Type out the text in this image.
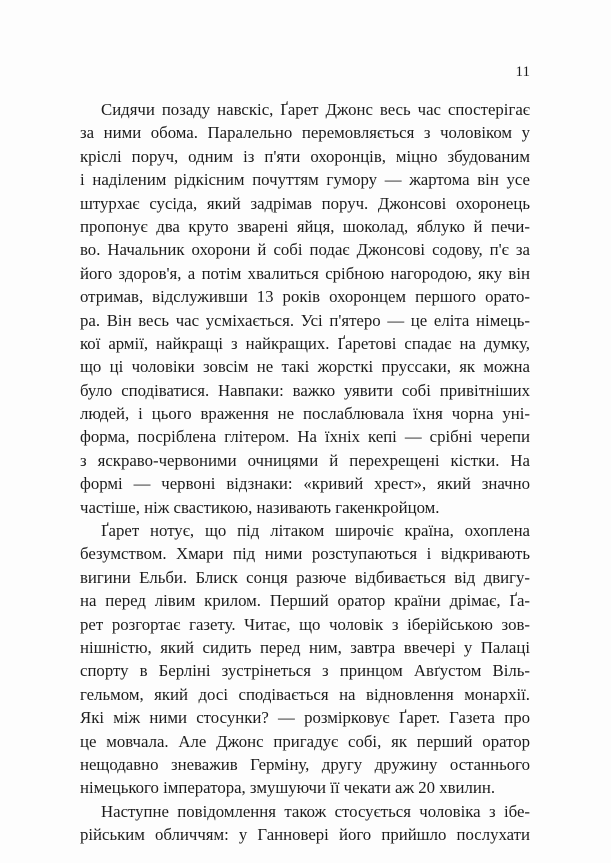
11
Сидячи позаду навскіс, Ґарет Джонс весь час спостерігає
за ними обома. Паралельно перемовляється з чоловіком у
кріслі поруч, одним із п'яти охоронців, міцно збудованим
і наділеним рідкісним почуттям гумору — жартома він усе
штурхає сусіда, який задрімав поруч. Джонсові охоронець
пропонує два круто зварені яйця, шоколад, яблуко й печи-
во. Начальник охорони й собі подає Джонсові содову, п'є за
його здоров'я, а потім хвалиться срібною нагородою, яку він
отримав, відслуживши 13 років охоронцем першого орато-
ра. Він весь час усміхається. Усі п'ятеро — це еліта німець-
кої армії, найкращі з найкращих. Ґаретові спадає на думку,
що ці чоловіки зовсім не такі жорсткі пруссаки, як можна
було сподіватися. Навпаки: важко уявити собі привітніших
людей, і цього враження не послаблювала їхня чорна уні-
форма, посріблена глітером. На їхніх кепі — срібні черепи
з яскраво-червоними очницями й перехрещені кістки. На
формі — червоні відзнаки: «кривий хрест», який значно
частіше, ніж свастикою, називають гакенкройцом.
Ґарет нотує, що під літаком широчіє країна, охоплена
безумством. Хмари під ними розступаються і відкривають
вигини Ельби. Блиск сонця разюче відбивається від двигу-
на перед лівим крилом. Перший оратор країни дрімає, Ґа-
рет розгортає газету. Читає, що чоловік з іберійською зов-
нішністю, який сидить перед ним, завтра ввечері у Палаці
спорту в Берліні зустрінеться з принцом Авґустом Віль-
гельмом, який досі сподівається на відновлення монархії.
Які між ними стосунки? — розмірковує Ґарет. Газета про
це мовчала. Але Джонс пригадує собі, як перший оратор
нещодавно зневажив Герміну, другу дружину останнього
німецького імператора, змушуючи її чекати аж 20 хвилин.
Наступне повідомлення також стосується чоловіка з ібе-
рійським обличчям: у Ганновері його прийшло послухати
